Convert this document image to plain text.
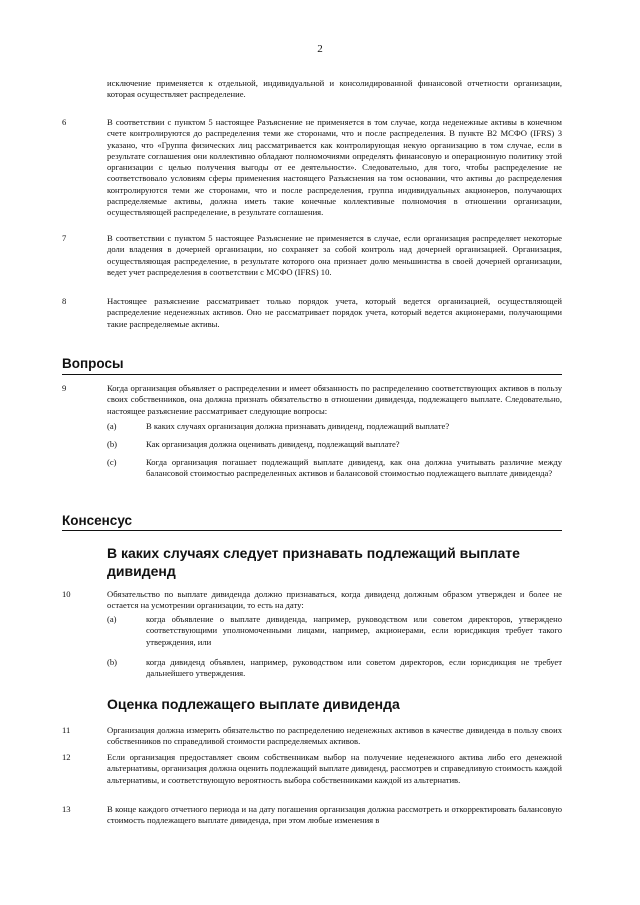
2
исключение применяется к отдельной, индивидуальной и консолидированной финансовой отчетности организации, которая осуществляет распределение.
6	В соответствии с пунктом 5 настоящее Разъяснение не применяется в том случае, когда неденежные активы в конечном счете контролируются до распределения теми же сторонами, что и после распределения. В пункте B2 МСФО (IFRS) 3 указано, что «Группа физических лиц рассматривается как контролирующая некую организацию в том случае, если в результате соглашения они коллективно обладают полномочиями определять финансовую и операционную политику этой организации с целью получения выгоды от ее деятельности». Следовательно, для того, чтобы распределение не соответствовало условиям сферы применения настоящего Разъяснения на том основании, что активы до распределения контролируются теми же сторонами, что и после распределения, группа индивидуальных акционеров, получающих распределяемые активы, должна иметь такие конечные коллективные полномочия в отношении организации, осуществляющей распределение, в результате соглашения.
7	В соответствии с пунктом 5 настоящее Разъяснение не применяется в случае, если организация распределяет некоторые доли владения в дочерней организации, но сохраняет за собой контроль над дочерней организацией. Организация, осуществляющая распределение, в результате которого она признает долю меньшинства в своей дочерней организации, ведет учет распределения в соответствии с МСФО (IFRS) 10.
8	Настоящее разъяснение рассматривает только порядок учета, который ведется организацией, осуществляющей распределение неденежных активов. Оно не рассматривает порядок учета, который ведется акционерами, получающими такие распределяемые активы.
Вопросы
9	Когда организация объявляет о распределении и имеет обязанность по распределению соответствующих активов в пользу своих собственников, она должна признать обязательство в отношении дивиденда, подлежащего выплате. Следовательно, настоящее разъяснение рассматривает следующие вопросы:
(a)	В каких случаях организация должна признавать дивиденд, подлежащий выплате?
(b)	Как организация должна оценивать дивиденд, подлежащий выплате?
(c)	Когда организация погашает подлежащий выплате дивиденд, как она должна учитывать различие между балансовой стоимостью распределенных активов и балансовой стоимостью подлежащего выплате дивиденда?
Консенсус
В каких случаях следует признавать подлежащий выплате дивиденд
10	Обязательство по выплате дивиденда должно признаваться, когда дивиденд должным образом утвержден и более не остается на усмотрении организации, то есть на дату:
(a)	когда объявление о выплате дивиденда, например, руководством или советом директоров, утверждено соответствующими уполномоченными лицами, например, акционерами, если юрисдикция требует такого утверждения, или
(b)	когда дивиденд объявлен, например, руководством или советом директоров, если юрисдикция не требует дальнейшего утверждения.
Оценка подлежащего выплате дивиденда
11	Организация должна измерить обязательство по распределению неденежных активов в качестве дивиденда в пользу своих собственников по справедливой стоимости распределяемых активов.
12	Если организация предоставляет своим собственникам выбор на получение неденежного актива либо его денежной альтернативы, организация должна оценить подлежащий выплате дивиденд, рассмотрев и справедливую стоимость каждой альтернативы, и соответствующую вероятность выбора собственниками каждой из альтернатив.
13	В конце каждого отчетного периода и на дату погашения организация должна рассмотреть и откорректировать балансовую стоимость подлежащего выплате дивиденда, при этом любые изменения в
